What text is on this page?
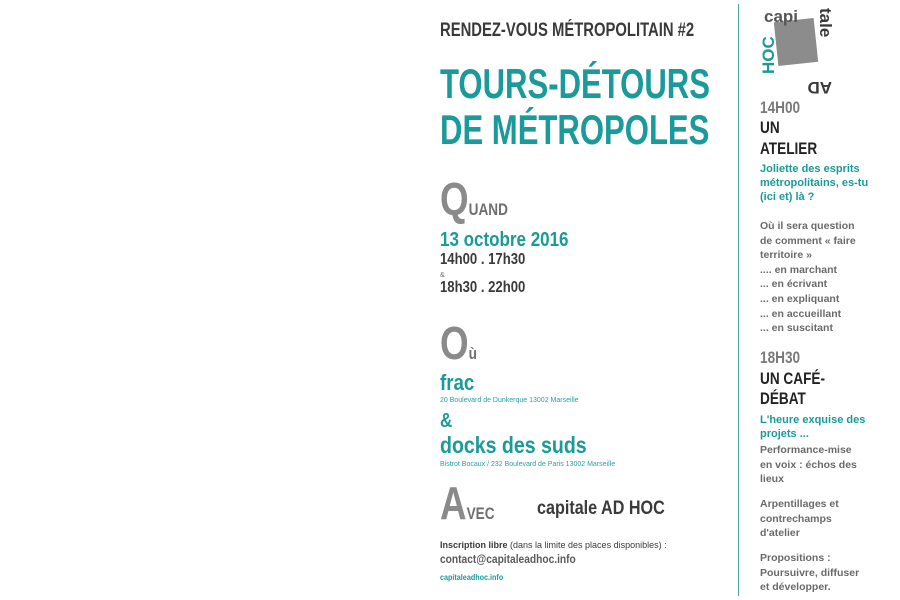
RENDEZ-VOUS MÉTROPOLITAIN #2
TOURS-DÉTOURS
DE MÉTROPOLES
QUAND
13 octobre 2016
14h00 . 17h30
&
18h30 . 22h00
Où
frac
20 Boulevard de Dunkerque 13002 Marseille
&
docks des suds
Bistrot Bocaux / 232 Boulevard de Paris 13002 Marseille
AVEC capitale AD HOC
Inscription libre (dans la limite des places disponibles) :
contact@capitaleadhoc.info
capitaleadhoc.info
capi tale
AD
HOC
14H00
UN
ATELIER
Joliette des esprits
métropolitains, es-tu
(ici et) là ?
Où il sera question
de comment « faire
territoire »
.... en marchant
... en écrivant
... en expliquant
... en accueillant
... en suscitant
18H30
UN CAFÉ-
DÉBAT
L'heure exquise des
projets ...
Performance-mise
en voix : échos des
lieux
Arpentillages et
contrechamps
d'atelier
Propositions :
Poursuivre, diffuser
et développer.
